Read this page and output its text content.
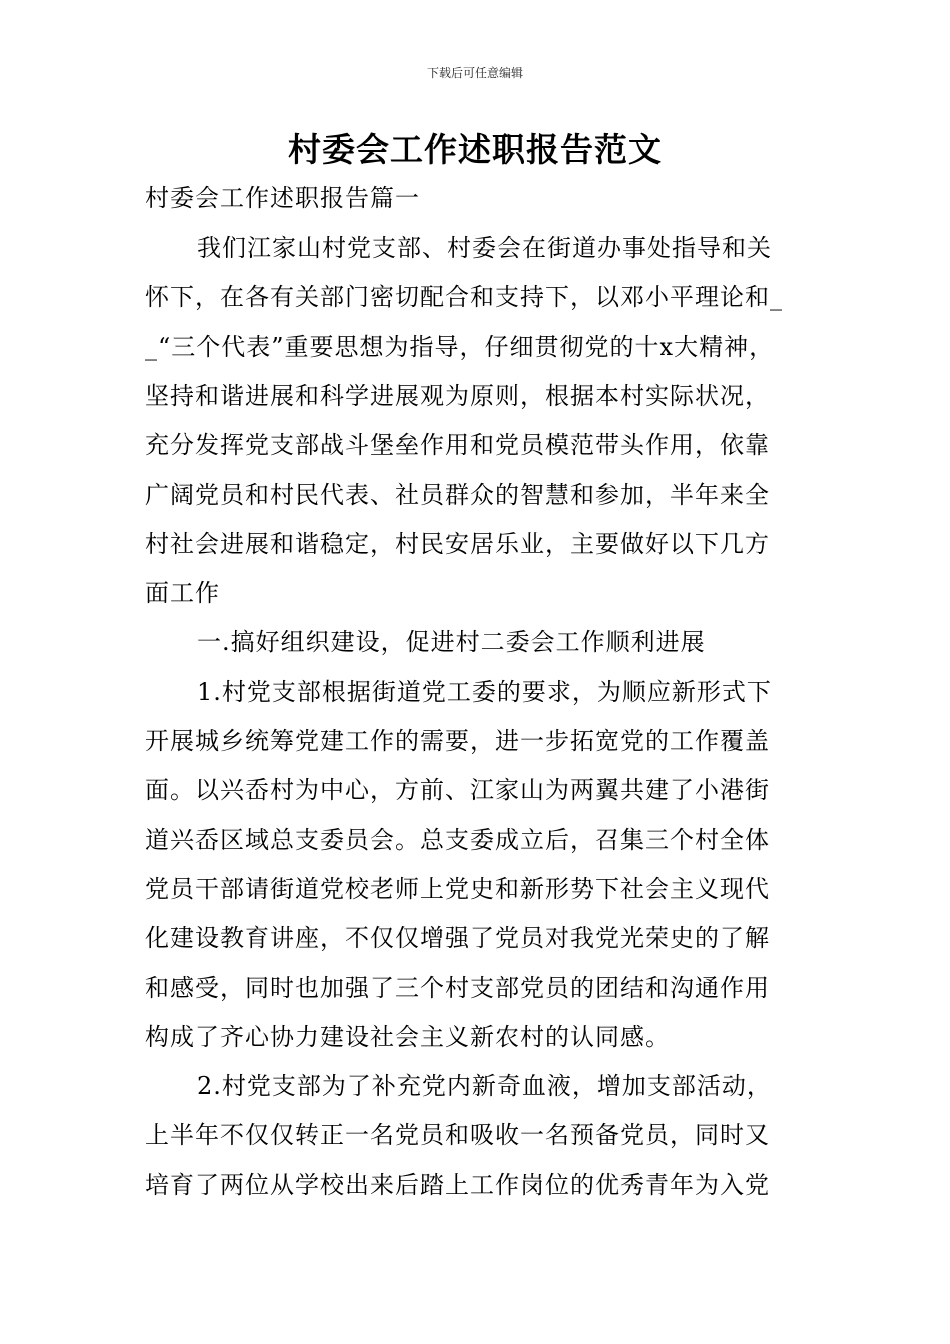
下载后可任意编辑
村委会工作述职报告范文
村委会工作述职报告篇一
我们江家山村党支部、村委会在街道办事处指导和关
怀下，在各有关部门密切配合和支持下，以邓小平理论和_
_“三个代表”重要思想为指导，仔细贯彻党的十x大精神，
坚持和谐进展和科学进展观为原则，根据本村实际状况，
充分发挥党支部战斗堡垒作用和党员模范带头作用，依靠
广阔党员和村民代表、社员群众的智慧和参加，半年来全
村社会进展和谐稳定，村民安居乐业，主要做好以下几方
面工作
一.搞好组织建设，促进村二委会工作顺利进展
1.村党支部根据街道党工委的要求，为顺应新形式下
开展城乡统筹党建工作的需要，进一步拓宽党的工作覆盖
面。以兴岙村为中心，方前、江家山为两翼共建了小港街
道兴岙区域总支委员会。总支委成立后，召集三个村全体
党员干部请街道党校老师上党史和新形势下社会主义现代
化建设教育讲座，不仅仅增强了党员对我党光荣史的了解
和感受，同时也加强了三个村支部党员的团结和沟通作用
构成了齐心协力建设社会主义新农村的认同感。
2.村党支部为了补充党内新奇血液，增加支部活动，
上半年不仅仅转正一名党员和吸收一名预备党员，同时又
培育了两位从学校出来后踏上工作岗位的优秀青年为入党
